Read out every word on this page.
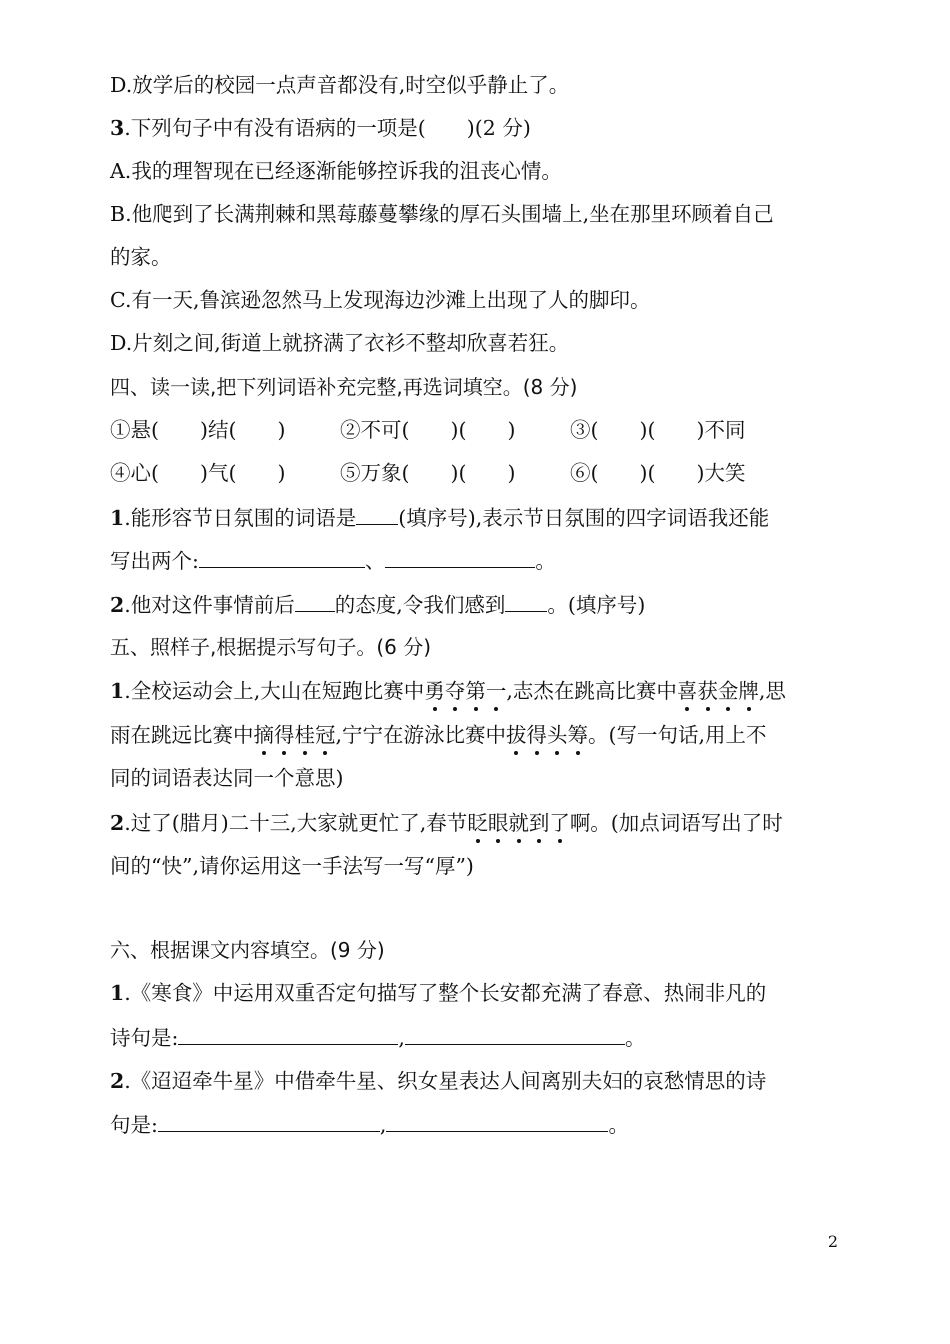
D.放学后的校园一点声音都没有,时空似乎静止了。
3.下列句子中有没有语病的一项是(　　)(2 分)
A.我的理智现在已经逐渐能够控诉我的沮丧心情。
B.他爬到了长满荆棘和黑莓藤蔓攀缘的厚石头围墙上,坐在那里环顾着自己
的家。
C.有一天,鲁滨逊忽然马上发现海边沙滩上出现了人的脚印。
D.片刻之间,街道上就挤满了衣衫不整却欣喜若狂。
四、读一读,把下列词语补充完整,再选词填空。(8 分)
①悬(　　)结(　　)	②不可(　　)(　　)	③(　　)(　　)不同
④心(　　)气(　　)	⑤万象(　　)(　　)	⑥(　　)(　　)大笑
1.能形容节日氛围的词语是 (填序号),表示节日氛围的四字词语我还能
写出两个:	、	。
2.他对这件事情前后 的态度,令我们感到 。(填序号)
五、照样子,根据提示写句子。(6 分)
1.全校运动会上,大山在短跑比赛中勇夺第一,志杰在跳高比赛中喜获金牌,思
雨在跳远比赛中摘得桂冠,宁宁在游泳比赛中拔得头筹。(写一句话,用上不
同的词语表达同一个意思)
2.过了(腊月)二十三,大家就更忙了,春节眨眼就到了啊。(加点词语写出了时
间的“快”,请你运用这一手法写一写“厚”)
六、根据课文内容填空。(9 分)
1.《寒食》中运用双重否定句描写了整个长安都充满了春意、热闹非凡的
诗句是:	,	。
2.《迢迢牵牛星》中借牵牛星、织女星表达人间离别夫妇的哀愁情思的诗
句是:	,	。
2
